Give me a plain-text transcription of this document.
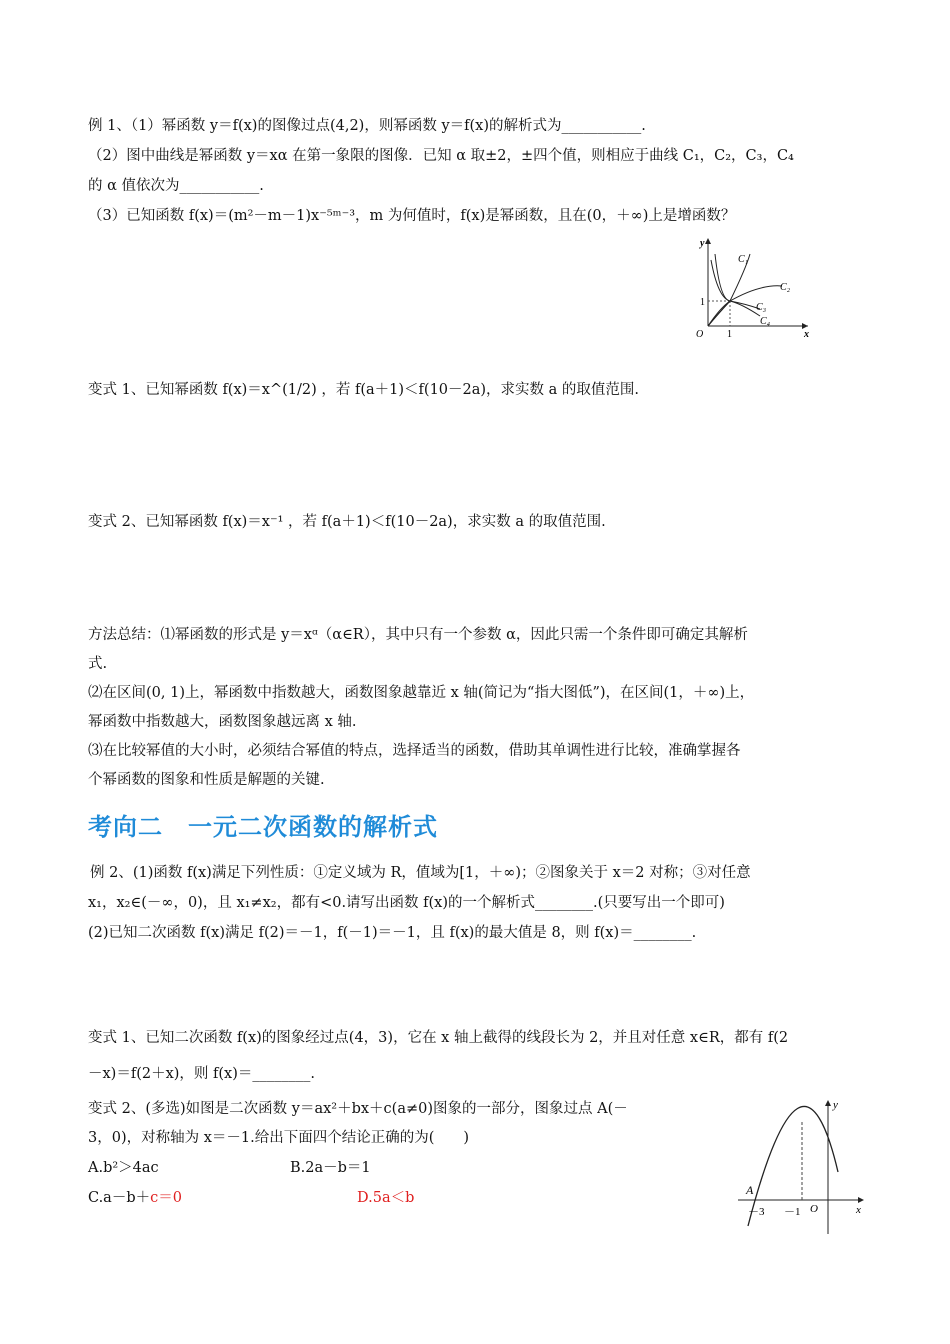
例 1、（1）幂函数 y＝f(x)的图像过点(4,2)，则幂函数 y＝f(x)的解析式为___________.
（2）图中曲线是幂函数 y＝xα 在第一象限的图像．已知 α 取±2，±四个值，则相应于曲线 C₁，C₂，C₃，C₄
的 α 值依次为___________.
（3）已知函数 f(x)＝(m²－m－1)x⁻⁵ᵐ⁻³，m 为何值时，f(x)是幂函数，且在(0，＋∞)上是增函数？
y
x
O 1
1
C₁
C₂
C₃
C₄
变式 1、已知幂函数 f(x)＝x^(1/2) ，若 f(a＋1)＜f(10－2a)，求实数 a 的取值范围.
变式 2、已知幂函数 f(x)＝x⁻¹ ，若 f(a＋1)＜f(10－2a)，求实数 a 的取值范围.
方法总结：⑴幂函数的形式是 y＝xᵅ（α∈R），其中只有一个参数 α，因此只需一个条件即可确定其解析
式.
⑵在区间(0, 1)上，幂函数中指数越大，函数图象越靠近 x 轴(简记为“指大图低”)，在区间(1，＋∞)上，
幂函数中指数越大，函数图象越远离 x 轴.
⑶在比较幂值的大小时，必须结合幂值的特点，选择适当的函数，借助其单调性进行比较，准确掌握各
个幂函数的图象和性质是解题的关键.
考向二　一元二次函数的解析式
例 2、(1)函数 f(x)满足下列性质：①定义域为 R，值域为[1，＋∞)；②图象关于 x＝2 对称；③对任意
x₁，x₂∈(－∞，0)，且 x₁≠x₂，都有<0.请写出函数 f(x)的一个解析式________.(只要写出一个即可)
(2)已知二次函数 f(x)满足 f(2)＝－1，f(－1)＝－1，且 f(x)的最大值是 8，则 f(x)＝________.
变式 1、已知二次函数 f(x)的图象经过点(4，3)，它在 x 轴上截得的线段长为 2，并且对任意 x∈R，都有 f(2
－x)＝f(2＋x)，则 f(x)＝________.
变式 2、(多选)如图是二次函数 y＝ax²＋bx＋c(a≠0)图象的一部分，图象过点 A(－
3，0)，对称轴为 x＝－1.给出下面四个结论正确的为(　　)
A.b²＞4ac	B.2a－b＝1
C.a－b＋c＝0	D.5a＜b
y
x
O
A
－3 －1
